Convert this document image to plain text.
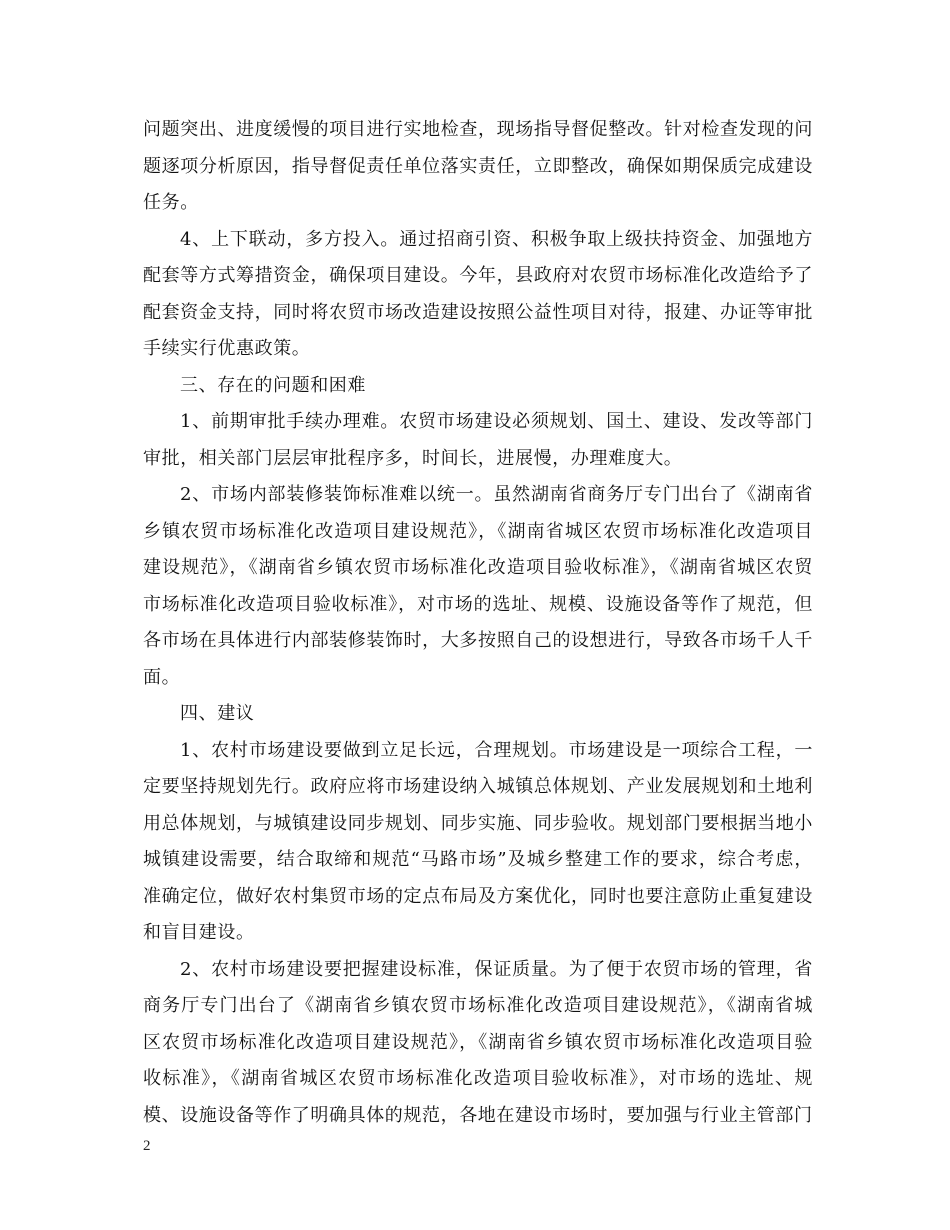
问题突出、进度缓慢的项目进行实地检查，现场指导督促整改。针对检查发现的问题逐项分析原因，指导督促责任单位落实责任，立即整改，确保如期保质完成建设任务。

4、上下联动，多方投入。通过招商引资、积极争取上级扶持资金、加强地方配套等方式筹措资金，确保项目建设。今年，县政府对农贸市场标准化改造给予了配套资金支持，同时将农贸市场改造建设按照公益性项目对待，报建、办证等审批手续实行优惠政策。

三、存在的问题和困难

1、前期审批手续办理难。农贸市场建设必须规划、国土、建设、发改等部门审批，相关部门层层审批程序多，时间长，进展慢，办理难度大。

2、市场内部装修装饰标准难以统一。虽然湖南省商务厅专门出台了《湖南省乡镇农贸市场标准化改造项目建设规范》，《湖南省城区农贸市场标准化改造项目建设规范》，《湖南省乡镇农贸市场标准化改造项目验收标准》，《湖南省城区农贸市场标准化改造项目验收标准》，对市场的选址、规模、设施设备等作了规范，但各市场在具体进行内部装修装饰时，大多按照自己的设想进行，导致各市场千人千面。

四、建议

1、农村市场建设要做到立足长远，合理规划。市场建设是一项综合工程，一定要坚持规划先行。政府应将市场建设纳入城镇总体规划、产业发展规划和土地利用总体规划，与城镇建设同步规划、同步实施、同步验收。规划部门要根据当地小城镇建设需要，结合取缔和规范“马路市场”及城乡整建工作的要求，综合考虑，准确定位，做好农村集贸市场的定点布局及方案优化，同时也要注意防止重复建设和盲目建设。

2、农村市场建设要把握建设标准，保证质量。为了便于农贸市场的管理，省商务厅专门出台了《湖南省乡镇农贸市场标准化改造项目建设规范》，《湖南省城区农贸市场标准化改造项目建设规范》，《湖南省乡镇农贸市场标准化改造项目验收标准》，《湖南省城区农贸市场标准化改造项目验收标准》，对市场的选址、规模、设施设备等作了明确具体的规范，各地在建设市场时，要加强与行业主管部门

2
